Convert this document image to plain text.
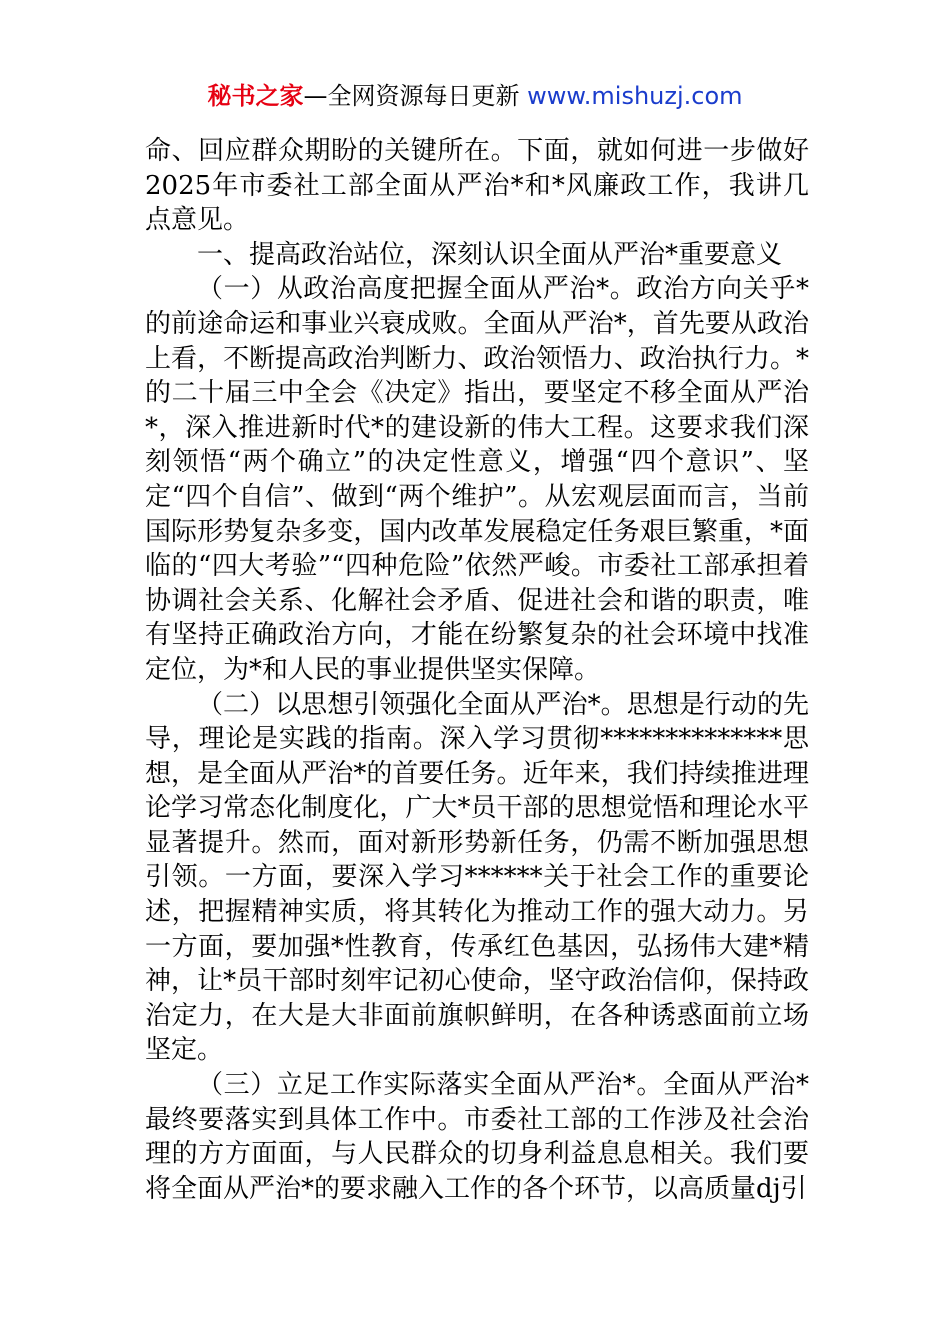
秘书之家—全网资源每日更新 www.mishuzj.com

命、回应群众期盼的关键所在。下面，就如何进一步做好2025年市委社工部全面从严治*和*风廉政工作，我讲几点意见。

一、提高政治站位，深刻认识全面从严治*重要意义

（一）从政治高度把握全面从严治*。政治方向关乎*的前途命运和事业兴衰成败。全面从严治*，首先要从政治上看，不断提高政治判断力、政治领悟力、政治执行力。*的二十届三中全会《决定》指出，要坚定不移全面从严治*，深入推进新时代*的建设新的伟大工程。这要求我们深刻领悟“两个确立”的决定性意义，增强“四个意识”、坚定“四个自信”、做到“两个维护”。从宏观层面而言，当前国际形势复杂多变，国内改革发展稳定任务艰巨繁重，*面临的“四大考验”“四种危险”依然严峻。市委社工部承担着协调社会关系、化解社会矛盾、促进社会和谐的职责，唯有坚持正确政治方向，才能在纷繁复杂的社会环境中找准定位，为*和人民的事业提供坚实保障。

（二）以思想引领强化全面从严治*。思想是行动的先导，理论是实践的指南。深入学习贯彻**************思想，是全面从严治*的首要任务。近年来，我们持续推进理论学习常态化制度化，广大*员干部的思想觉悟和理论水平显著提升。然而，面对新形势新任务，仍需不断加强思想引领。一方面，要深入学习******关于社会工作的重要论述，把握精神实质，将其转化为推动工作的强大动力。另一方面，要加强*性教育，传承红色基因，弘扬伟大建*精神，让*员干部时刻牢记初心使命，坚守政治信仰，保持政治定力，在大是大非面前旗帜鲜明，在各种诱惑面前立场坚定。

（三）立足工作实际落实全面从严治*。全面从严治*最终要落实到具体工作中。市委社工部的工作涉及社会治理的方方面面，与人民群众的切身利益息息相关。我们要将全面从严治*的要求融入工作的各个环节，以高质量dj引
